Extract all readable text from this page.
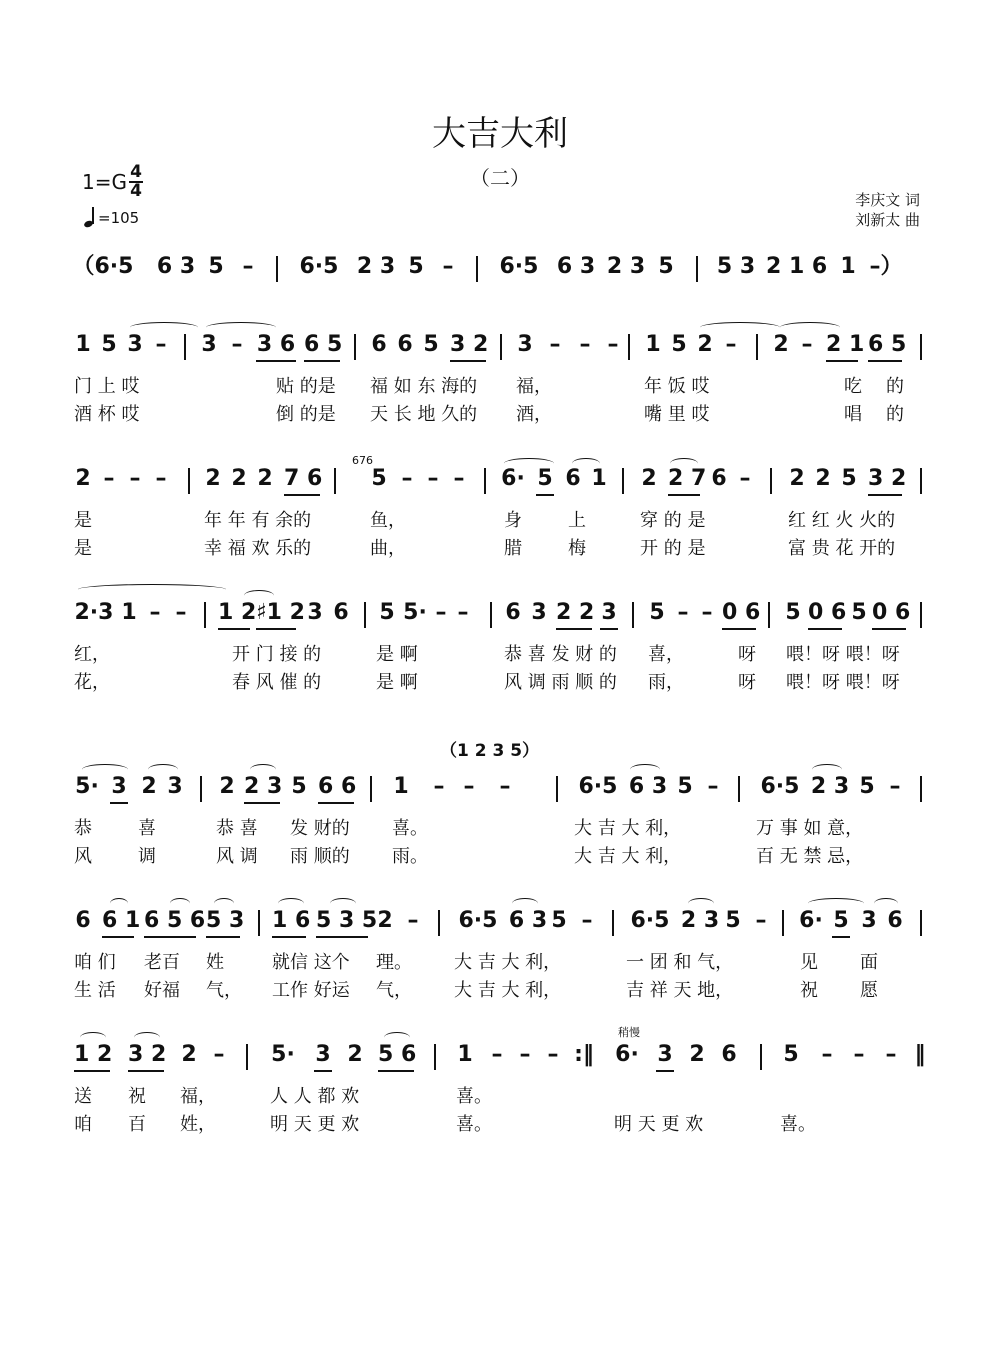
大吉大利
（二）
$1=G \frac{4}{4}$
=105
李庆文 词
刘新太 曲
（6·5 6 3 5 – 6·5 2 3 5 – 6·5 6 3 2 3 5 5 3 2 1 6 1 –）
1 5 3 – 3 – 3 6 6 5 6 6 5 3 2 3 – – – 1 5 2 – 2 – 2 1 6 5
门 上 哎	贴 的是 福 如 东 海的 福，	年 饭 哎	吃 的
酒 杯 哎	倒 的是 天 长 地 久的 酒，	嘴 里 哎	唱 的
676
2 – – – 2 2 2 7 6 5 – – – 6· 5 6 1 2 2 7 6 – 2 2 5 3 2
是	年 年 有 余的	鱼，	身	上	穿 的 是	红 红 火 火的
是	幸 福 欢 乐的	曲，	腊	梅	开 的 是	富 贵 花 开的
2·3 1 – – 1 2 ♯1 2 3 6 5 5· – – 6 3 2 2 3 5 – – 0 6 5 0 6 5 0 6
红，	开 门 接 的	是 啊	恭 喜 发 财 的 喜，	呀 喂！呀 喂！呀
花，	春 风 催 的	是 啊	风 调 雨 顺 的 雨，	呀 喂！呀 喂！呀
（1 2 3 5）
5· 3 2 3 2 2 3 5 6 6 1 – – –	6·5 6 3 5 – 6·5 2 3 5 –
恭	喜	恭 喜 发 财的 喜。	大 吉 大 利，	万 事 如 意，
风	调	风 调 雨 顺的 雨。	大 吉 大 利，	百 无 禁 忌，
6 6 1 6 5 6 5 3 1 6 5 3 5 2 – 6·5 6 3 5 – 6·5 2 3 5 – 6· 5 3 6
咱 们 老百 姓	就信 这个 理。 大 吉 大 利，	一 团 和 气，	见 面
生 活 好福 气， 工作 好运 气， 大 吉 大 利，	吉 祥 天 地，	祝 愿
稍慢
1 2 3 2 2 – 5· 3 2 5 6 1 – – – :‖ 6· 3 2 6 5 – – – ‖
送 祝 福，	人 人 都 欢	喜。
咱 百 姓，	明 天 更 欢	喜。	明 天 更 欢	喜。
